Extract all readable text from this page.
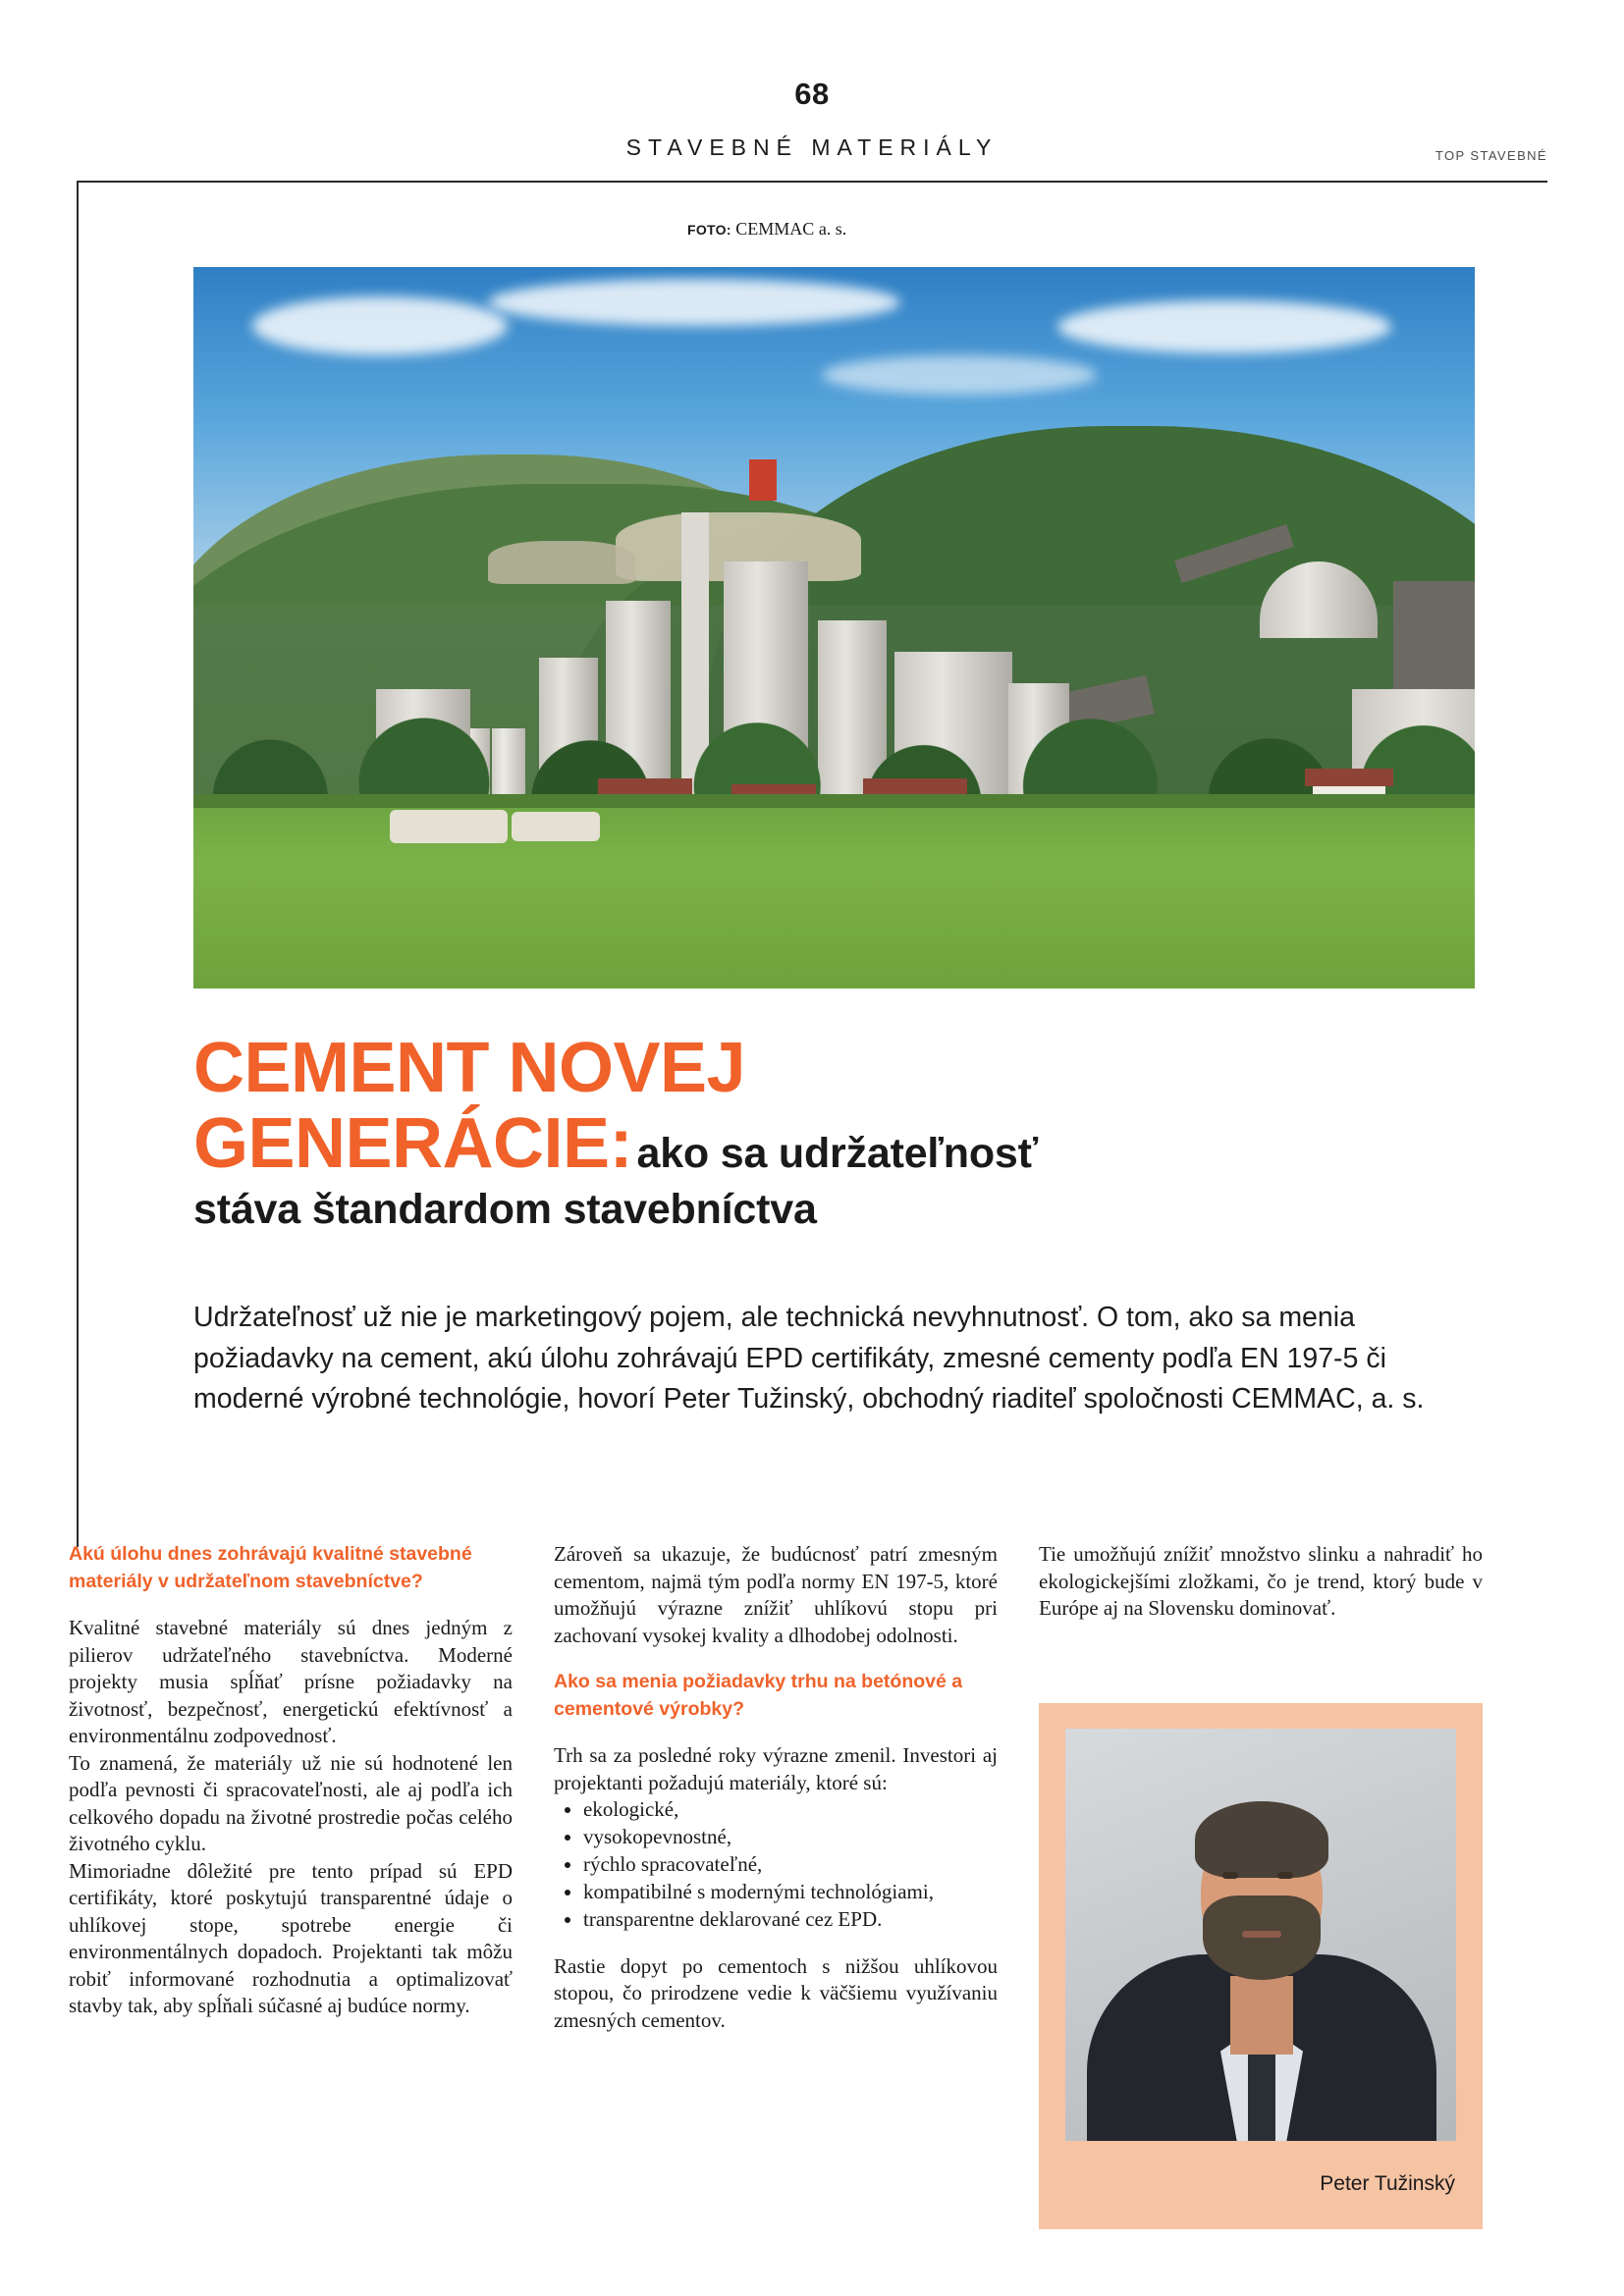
68
STAVEBNÉ MATERIÁLY	TOP STAVEBNÉ
FOTO: CEMMAC a. s.
CEMENT NOVEJ
GENERÁCIE: ako sa udržateľnosť
stáva štandardom stavebníctva
Udržateľnosť už nie je marketingový pojem, ale technická nevyhnutnosť. O tom, ako sa menia požiadavky na cement, akú úlohu zohrávajú EPD certifikáty, zmesné cementy podľa EN 197-5 či moderné výrobné technológie, hovorí Peter Tužinský, obchodný riaditeľ spoločnosti CEMMAC, a. s.
Akú úlohu dnes zohrávajú kvalitné stavebné materiály v udržateľnom stavebníctve?

Kvalitné stavebné materiály sú dnes jedným z pilierov udržateľného stavebníctva. Moderné projekty musia spĺňať prísne požiadavky na životnosť, bezpečnosť, energetickú efektívnosť a environmentálnu zodpovednosť.

To znamená, že materiály už nie sú hodnotené len podľa pevnosti či spracovateľnosti, ale aj podľa ich celkového dopadu na životné prostredie počas celého životného cyklu.

Mimoriadne dôležité pre tento prípad sú EPD certifikáty, ktoré poskytujú transparentné údaje o uhlíkovej stope, spotrebe energie či environmentálnych dopadoch. Projektanti tak môžu robiť informované rozhodnutia a optimalizovať stavby tak, aby spĺňali súčasné aj budúce normy.

Zároveň sa ukazuje, že budúcnosť patrí zmesným cementom, najmä tým podľa normy EN 197-5, ktoré umožňujú výrazne znížiť uhlíkovú stopu pri zachovaní vysokej kvality a dlhodobej odolnosti.

Ako sa menia požiadavky trhu na betónové a cementové výrobky?

Trh sa za posledné roky výrazne zmenil. Investori aj projektanti požadujú materiály, ktoré sú:

• ekologické,
• vysokopevnostné,
• rýchlo spracovateľné,
• kompatibilné s modernými technológiami,
• transparentne deklarované cez EPD.

Rastie dopyt po cementoch s nižšou uhlíkovou stopou, čo prirodzene vedie k väčšiemu využívaniu zmesných cementov.

Tie umožňujú znížiť množstvo slinku a nahradiť ho ekologickejšími zložkami, čo je trend, ktorý bude v Európe aj na Slovensku dominovať.

Peter Tužinský
